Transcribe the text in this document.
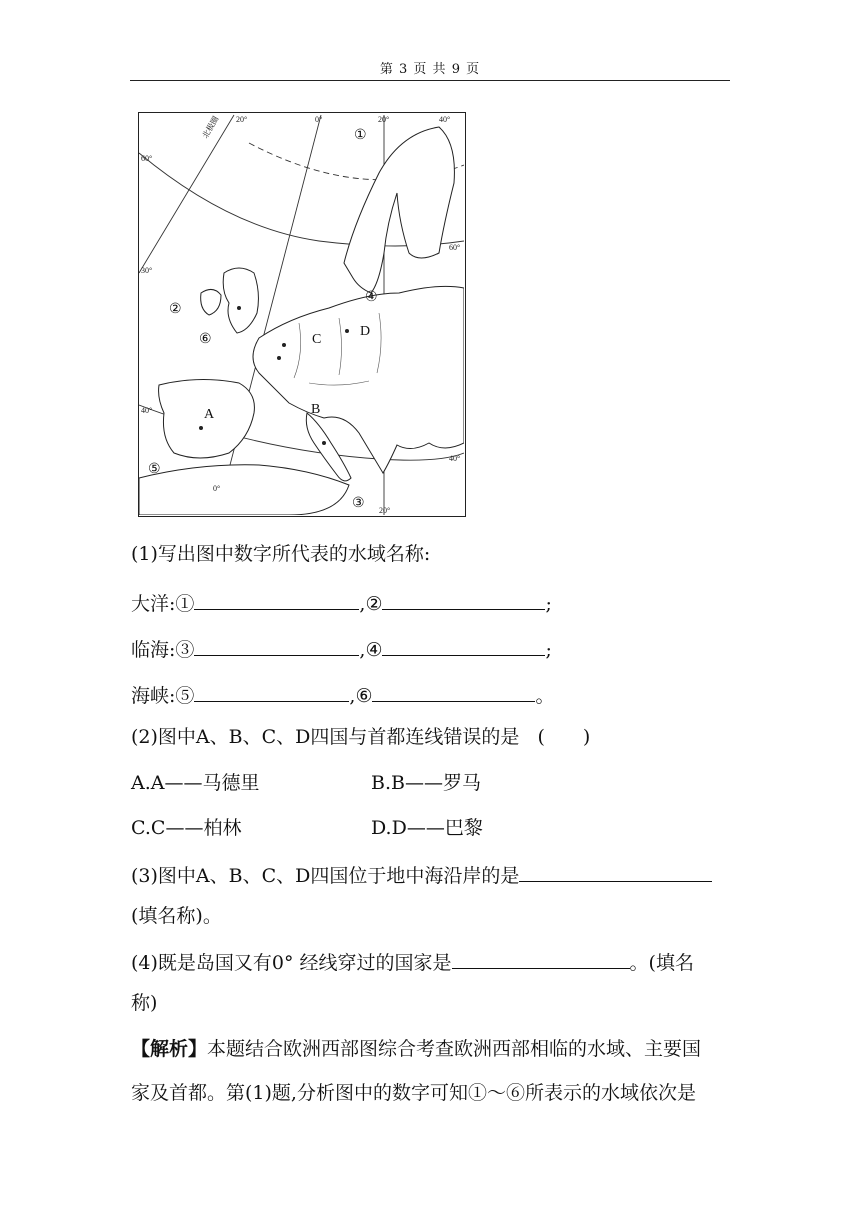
第 3 页 共 9 页
20°	0°	20°	40°
60°
60°
40°
40°
30°
0°
20°
北极圈	①
②
③
④
⑤
⑥
A	B
C
D
(1)写出图中数字所代表的水域名称:
大洋:①	,②	;
临海:③	,④	;
海峡:⑤	,⑥	。
(2)图中A、B、C、D四国与首都连线错误的是 ( )
A.A——马德里	B.B——罗马
C.C——柏林	D.D——巴黎
(3)图中A、B、C、D四国位于地中海沿岸的是
(填名称)。
(4)既是岛国又有0° 经线穿过的国家是	。(填名
称)
【解析】本题结合欧洲西部图综合考查欧洲西部相临的水域、主要国
家及首都。第(1)题,分析图中的数字可知①～⑥所表示的水域依次是
